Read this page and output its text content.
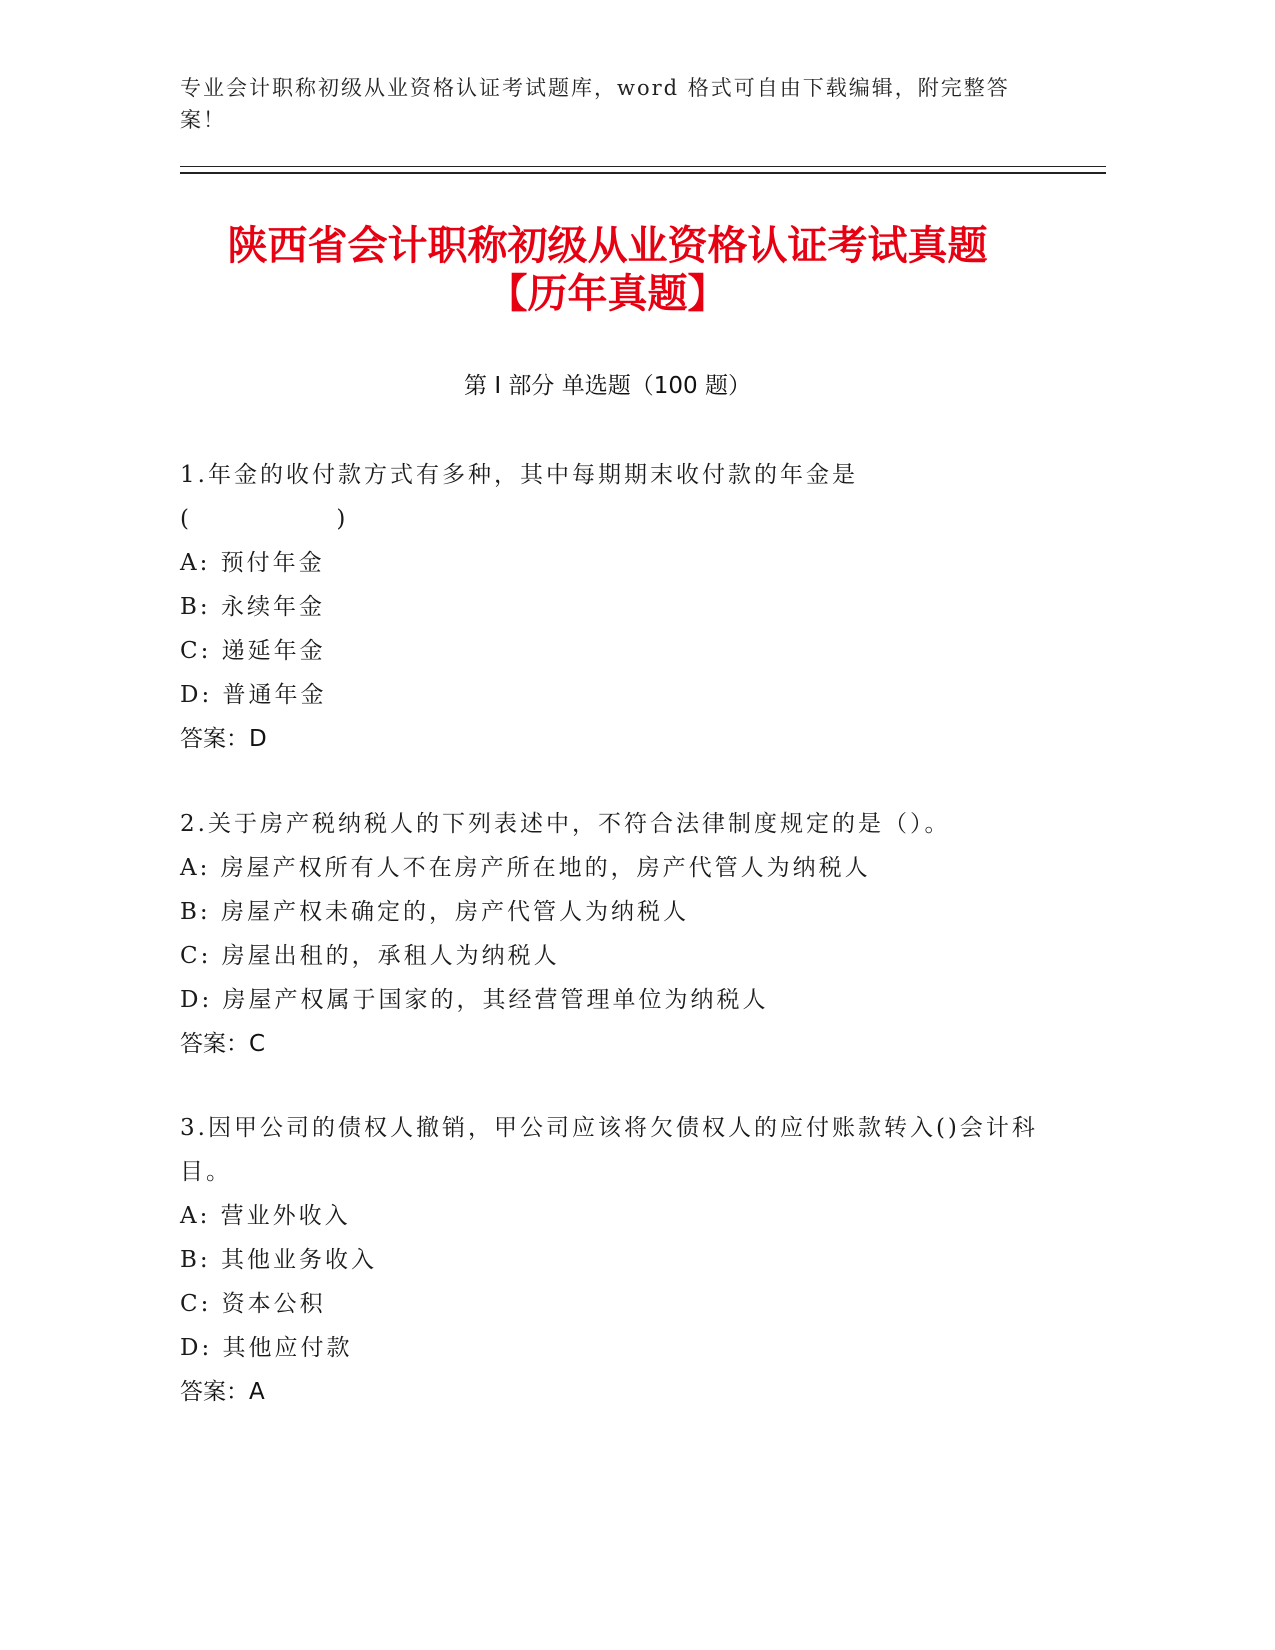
专业会计职称初级从业资格认证考试题库，word 格式可自由下载编辑，附完整答案！
陕西省会计职称初级从业资格认证考试真题
【历年真题】
第 I 部分 单选题（100 题）

1.年金的收付款方式有多种，其中每期期末收付款的年金是

(              )

A: 预付年金

B: 永续年金

C: 递延年金

D: 普通年金

答案：D

2.关于房产税纳税人的下列表述中，不符合法律制度规定的是（）。

A: 房屋产权所有人不在房产所在地的，房产代管人为纳税人

B: 房屋产权未确定的，房产代管人为纳税人

C: 房屋出租的，承租人为纳税人

D: 房屋产权属于国家的，其经营管理单位为纳税人

答案：C

3.因甲公司的债权人撤销，甲公司应该将欠债权人的应付账款转入()会计科目。

A: 营业外收入

B: 其他业务收入

C: 资本公积

D: 其他应付款

答案：A
